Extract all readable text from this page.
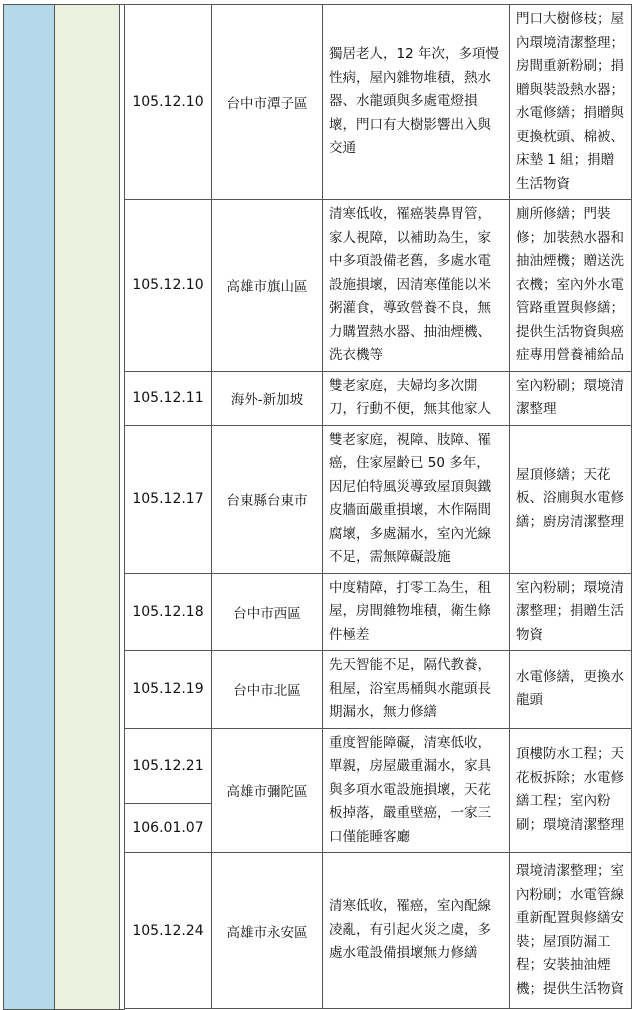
			105.12.10	台中市潭子區	獨居老人，12 年次，多項慢性病，屋內雜物堆積，熱水器、水龍頭與多處電燈損壞，門口有大樹影響出入與交通	門口大樹修枝；屋內環境清潔整理；房間重新粉刷；捐贈與裝設熱水器；水電修繕；捐贈與更換枕頭、棉被、床墊 1 組；捐贈生活物資
			105.12.10	高雄市旗山區	清寒低收，罹癌裝鼻胃管，家人視障，以補助為生，家中多項設備老舊，多處水電設施損壞，因清寒僅能以米粥灌食，導致營養不良，無力購置熱水器、抽油煙機、洗衣機等	廁所修繕；門裝修；加裝熱水器和抽油煙機；贈送洗衣機；室內外水電管路重置與修繕；提供生活物資與癌症專用營養補給品
			105.12.11	海外-新加坡	雙老家庭，夫婦均多次開刀，行動不便，無其他家人	室內粉刷；環境清潔整理
			105.12.17	台東縣台東市	雙老家庭，視障、肢障、罹癌，住家屋齡已 50 多年，因尼伯特風災導致屋頂與鐵皮牆面嚴重損壞，木作隔間腐壞，多處漏水，室內光線不足，需無障礙設施	屋頂修繕；天花板、浴廁與水電修繕；廚房清潔整理
			105.12.18	台中市西區	中度精障，打零工為生，租屋，房間雜物堆積，衛生條件極差	室內粉刷；環境清潔整理；捐贈生活物資
			105.12.19	台中市北區	先天智能不足，隔代教養，租屋，浴室馬桶與水龍頭長期漏水，無力修繕	水電修繕，更換水龍頭
			105.12.21	高雄市彌陀區	重度智能障礙，清寒低收，單親，房屋嚴重漏水，家具與多項水電設施損壞，天花板掉落，嚴重壁癌，一家三口僅能睡客廳	頂樓防水工程；天花板拆除；水電修繕工程；室內粉刷；環境清潔整理
			106.01.07			
			105.12.24	高雄市永安區	清寒低收，罹癌，室內配線凌亂，有引起火災之虞，多處水電設備損壞無力修繕	環境清潔整理；室內粉刷；水電管線重新配置與修繕安裝；屋頂防漏工程；安裝抽油煙機；提供生活物資
